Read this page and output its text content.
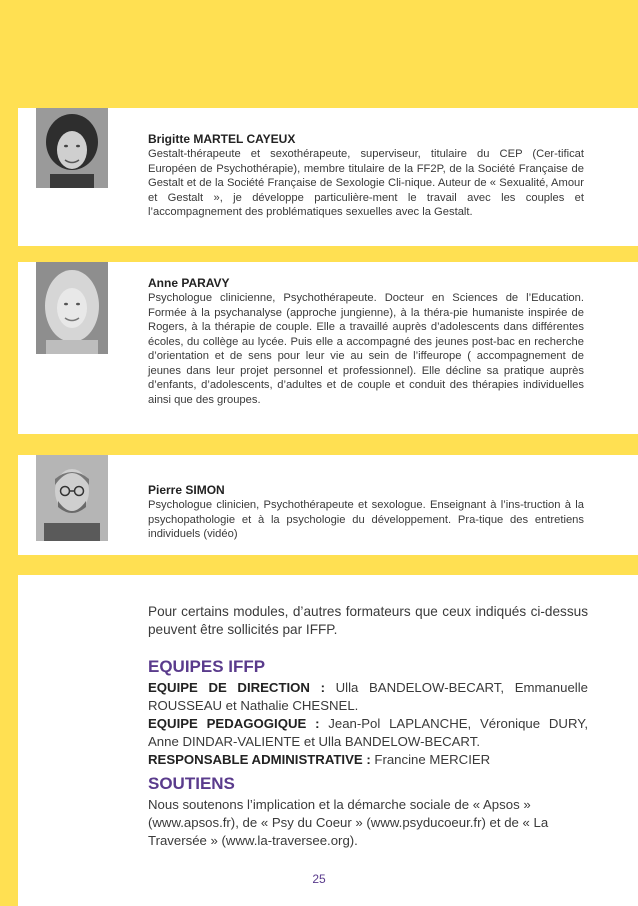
Brigitte MARTEL CAYEUX
Gestalt-thérapeute et sexothérapeute, superviseur, titulaire du CEP (Cer-tificat Européen de Psychothérapie), membre titulaire de la FF2P, de la Société Française de Gestalt et de la Société Française de Sexologie Cli-nique. Auteur de « Sexualité, Amour et Gestalt », je développe particulière-ment le travail avec les couples et l’accompagnement des problématiques sexuelles avec la Gestalt.
Anne PARAVY
Psychologue clinicienne, Psychothérapeute. Docteur en Sciences de l’Education. Formée à la psychanalyse (approche jungienne), à la théra-pie humaniste inspirée de Rogers, à la thérapie de couple. Elle a travaillé auprès d’adolescents dans différentes écoles, du collège au lycée. Puis elle a accompagné des jeunes post-bac en recherche d’orientation et de sens pour leur vie au sein de l’iffeurope ( accompagnement de jeunes dans leur projet personnel et professionnel). Elle décline sa pratique auprès d’enfants, d’adolescents, d’adultes et de couple et conduit des thérapies individuelles ainsi que des groupes.
Pierre SIMON
Psychologue clinicien, Psychothérapeute et sexologue. Enseignant à l’ins-truction à la psychopathologie et à la psychologie du développement. Pra-tique des entretiens individuels (vidéo)
Pour certains modules, d’autres formateurs que ceux indiqués ci-dessus peuvent être sollicités par IFFP.
EQUIPES IFFP
EQUIPE DE DIRECTION : Ulla BANDELOW-BECART, Emmanuelle ROUSSEAU et Nathalie CHESNEL.
EQUIPE PEDAGOGIQUE : Jean-Pol LAPLANCHE, Véronique DURY, Anne DINDAR-VALIENTE et Ulla BANDELOW-BECART.
RESPONSABLE ADMINISTRATIVE : Francine MERCIER
SOUTIENS
Nous soutenons l’implication et la démarche sociale de « Apsos » (www.apsos.fr), de « Psy du Coeur » (www.psyducoeur.fr) et de « La Traversée » (www.la-traversee.org).
25
